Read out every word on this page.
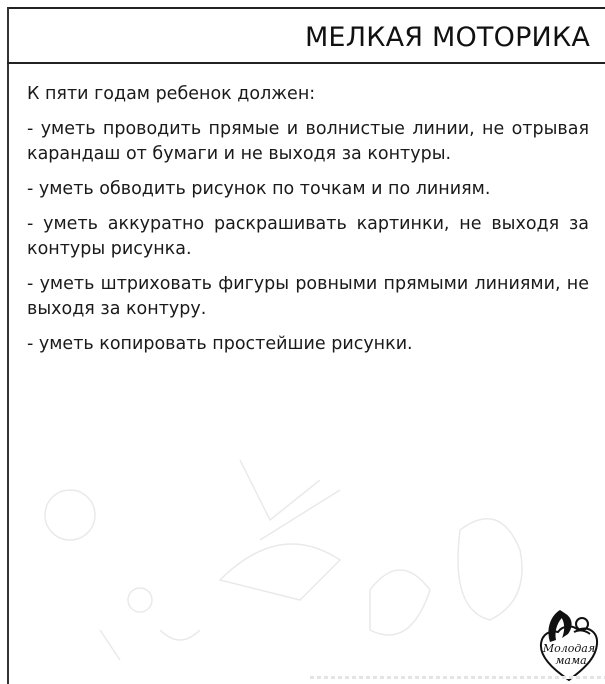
МЕЛКАЯ МОТОРИКА

К пяти годам ребенок должен:

- уметь проводить прямые и волнистые линии, не отрывая карандаш от бумаги и не выходя за контуры.

- уметь обводить рисунок по точкам и по линиям.

- уметь аккуратно раскрашивать картинки, не выходя за контуры рисунка.

- уметь штриховать фигуры ровными прямыми линиями, не выходя за контуру.

- уметь копировать простейшие рисунки.

Молодая
мама
